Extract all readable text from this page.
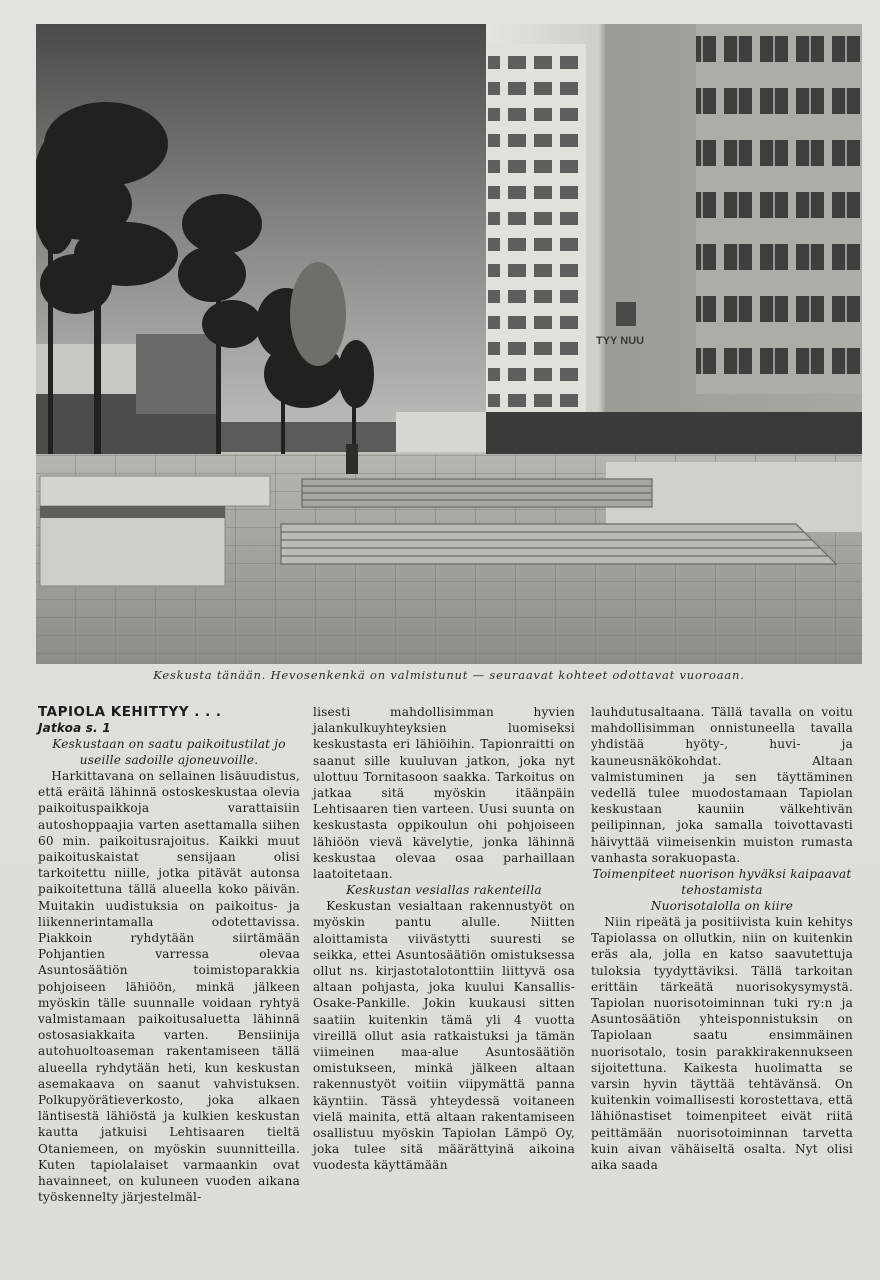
TYY NUU
Keskusta tänään. Hevosenkenkä on valmistunut — seuraavat kohteet odottavat vuoroaan.

TAPIOLA KEHITTYY . . .

Jatkoa s. 1

Keskustaan on saatu paikoitustilat jo useille sadoille ajoneuvoille.

Harkittavana on sellainen lisäuudistus, että eräitä lähinnä ostoskeskustaa olevia paikoituspaikkoja varattaisiin autoshoppaajia varten asettamalla siihen 60 min. paikoitusrajoitus. Kaikki muut paikoituskaistat sensijaan olisi tarkoitettu niille, jotka pitävät autonsa paikoitettuna tällä alueella koko päivän. Muitakin uudistuksia on paikoitus- ja liikennerintamalla odotettavissa. Piakkoin ryhdytään siirtämään Pohjantien varressa olevaa Asuntosäätiön toimistoparakkia pohjoiseen lähiöön, minkä jälkeen myöskin tälle suunnalle voidaan ryhtyä valmistamaan paikoitusaluetta lähinnä ostosasiakkaita varten. Bensiinija autohuoltoaseman rakentamiseen tällä alueella ryhdytään heti, kun keskustan asemakaava on saanut vahvistuksen. Polkupyörätieverkosto, joka alkaen läntisestä lähiöstä ja kulkien keskustan kautta jatkuisi Lehtisaaren tieltä Otaniemeen, on myöskin suunnitteilla. Kuten tapiolalaiset varmaankin ovat havainneet, on kuluneen vuoden aikana työskennelty järjestelmäl-

lisesti mahdollisimman hyvien jalankulkuyhteyksien luomiseksi keskustasta eri lähiöihin. Tapionraitti on saanut sille kuuluvan jatkon, joka nyt ulottuu Tornitasoon saakka. Tarkoitus on jatkaa sitä myöskin itäänpäin Lehtisaaren tien varteen. Uusi suunta on keskustasta oppikoulun ohi pohjoiseen lähiöön vievä kävelytie, jonka lähinnä keskustaa olevaa osaa parhaillaan laatoitetaan.

Keskustan vesiallas rakenteilla

Keskustan vesialtaan rakennustyöt on myöskin pantu alulle. Niitten aloittamista viivästytti suuresti se seikka, ettei Asuntosäätiön omistuksessa ollut ns. kirjastotalotonttiin liittyvä osa altaan pohjasta, joka kuului Kansallis-Osake-Pankille. Jokin kuukausi sitten saatiin kuitenkin tämä yli 4 vuotta vireillä ollut asia ratkaistuksi ja tämän viimeinen maa-alue Asuntosäätiön omistukseen, minkä jälkeen altaan rakennustyöt voitiin viipymättä panna käyntiin. Tässä yhteydessä voitaneen vielä mainita, että altaan rakentamiseen osallistuu myöskin Tapiolan Lämpö Oy, joka tulee sitä määrättyinä aikoina vuodesta käyttämään

lauhdutusaltaana. Tällä tavalla on voitu mahdollisimman onnistuneella tavalla yhdistää hyöty-, huvi- ja kauneusnäkökohdat. Altaan valmistuminen ja sen täyttäminen vedellä tulee muodostamaan Tapiolan keskustaan kauniin välkehtivän peilipinnan, joka samalla toivottavasti häivyttää viimeisenkin muiston rumasta vanhasta sorakuopasta.

Toimenpiteet nuorison hyväksi kaipaavat tehostamista

Nuorisotalolla on kiire

Niin ripeätä ja positiivista kuin kehitys Tapiolassa on ollutkin, niin on kuitenkin eräs ala, jolla en katso saavutettuja tuloksia tyydyttäviksi. Tällä tarkoitan erittäin tärkeätä nuorisokysymystä. Tapiolan nuorisotoiminnan tuki ry:n ja Asuntosäätiön yhteisponnistuksin on Tapiolaan saatu ensimmäinen nuorisotalo, tosin parakkirakennukseen sijoitettuna. Kaikesta huolimatta se varsin hyvin täyttää tehtävänsä. On kuitenkin voimallisesti korostettava, että lähiönastiset toimenpiteet eivät riitä peittämään nuorisotoiminnan tarvetta kuin aivan vähäiseltä osalta. Nyt olisi aika saada
